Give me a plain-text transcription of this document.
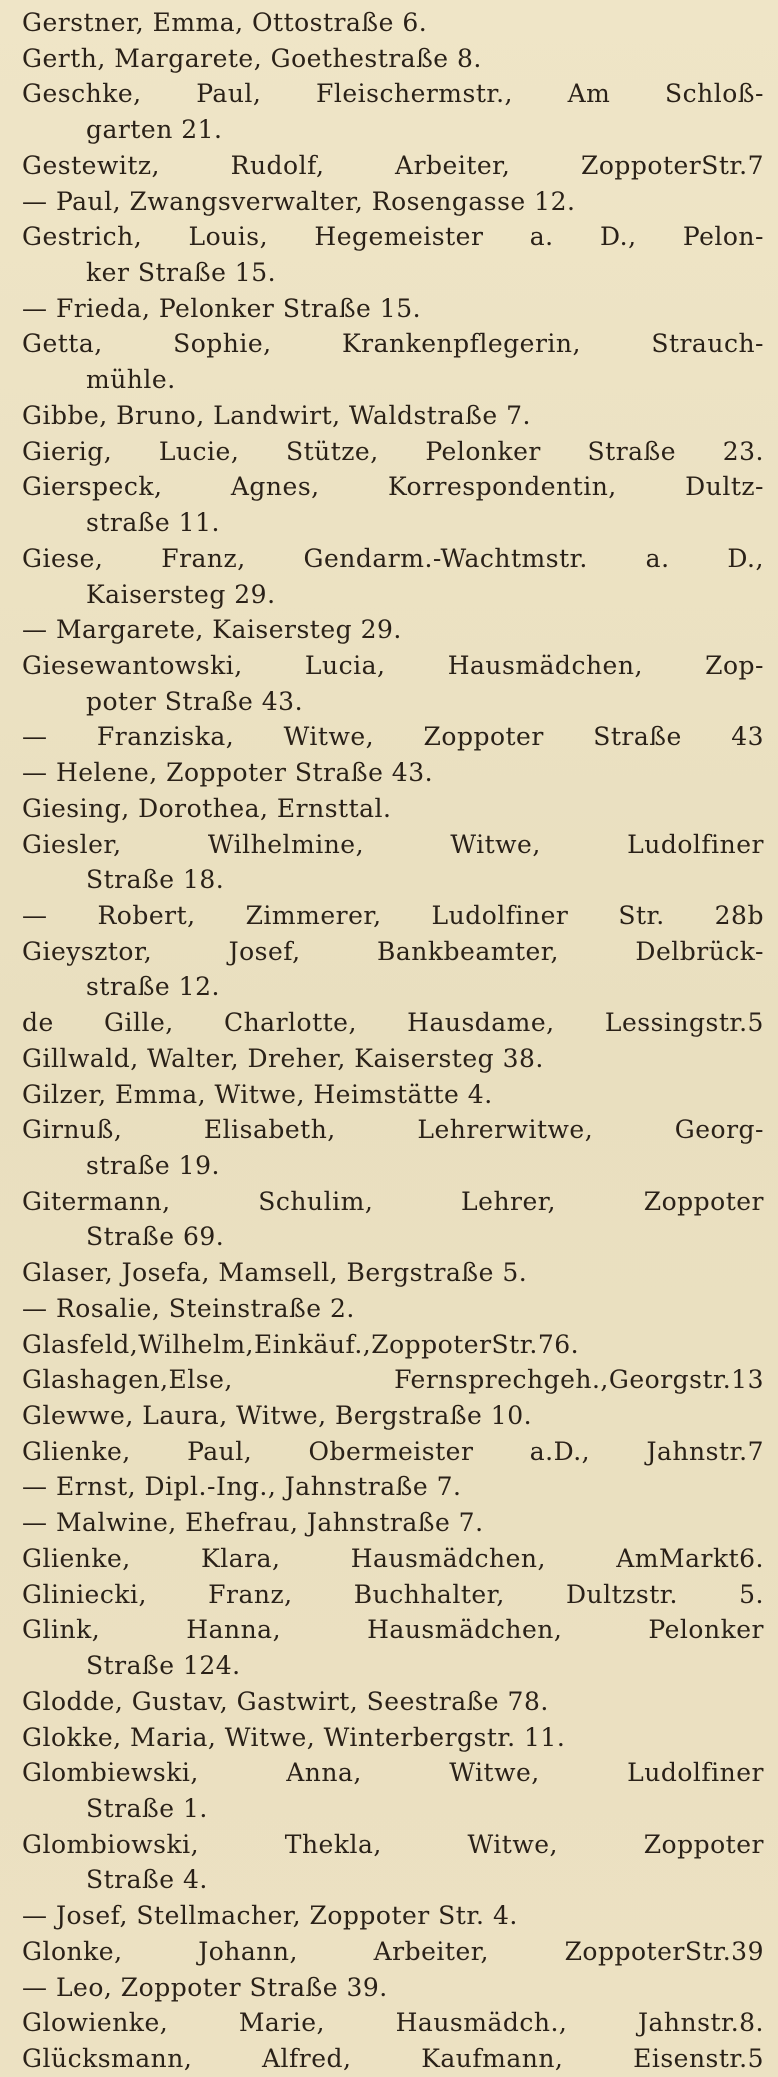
Gerstner, Emma, Ottostraße 6.
Gerth, Margarete, Goethestraße 8.
Geschke, Paul, Fleischermstr., Am Schloß-
garten 21.
Gestewitz,	Rudolf,	Arbeiter,	ZoppoterStr.7
— Paul, Zwangsverwalter, Rosengasse 12.
Gestrich, Louis, Hegemeister a. D., Pelon-
ker Straße 15.
— Frieda, Pelonker Straße 15.
Getta,	Sophie,	Krankenpflegerin,	Strauch-
mühle.
Gibbe, Bruno, Landwirt, Waldstraße 7.
Gierig, Lucie, Stütze, Pelonker Straße 23.
Gierspeck,	Agnes,	Korrespondentin,	Dultz-
straße 11.
Giese, Franz, Gendarm.-Wachtmstr. a. D.,
Kaisersteg 29.
— Margarete, Kaisersteg 29.
Giesewantowski, Lucia, Hausmädchen, Zop-
poter Straße 43.
— Franziska, Witwe, Zoppoter Straße 43
— Helene, Zoppoter Straße 43.
Giesing, Dorothea, Ernsttal.
Giesler,	Wilhelmine,	Witwe,	Ludolfiner
Straße 18.
— Robert, Zimmerer, Ludolfiner Str. 28b
Gieysztor,	Josef,	Bankbeamter,	Delbrück-
straße 12.
de Gille, Charlotte, Hausdame, Lessingstr.5
Gillwald, Walter, Dreher, Kaisersteg 38.
Gilzer, Emma, Witwe, Heimstätte 4.
Girnuß,	Elisabeth,	Lehrerwitwe,	Georg-
straße 19.
Gitermann,	Schulim,	Lehrer,	Zoppoter
Straße 69.
Glaser, Josefa, Mamsell, Bergstraße 5.
— Rosalie, Steinstraße 2.
Glasfeld,Wilhelm,Einkäuf.,ZoppoterStr.76.
Glashagen,Else,	Fernsprechgeh.,Georgstr.13
Glewwe, Laura, Witwe, Bergstraße 10.
Glienke, Paul, Obermeister a.D., Jahnstr.7
— Ernst, Dipl.-Ing., Jahnstraße 7.
— Malwine, Ehefrau, Jahnstraße 7.
Glienke,	Klara,	Hausmädchen,	AmMarkt6.
Gliniecki, Franz, Buchhalter, Dultzstr. 5.
Glink,	Hanna,	Hausmädchen,	Pelonker
Straße 124.
Glodde, Gustav, Gastwirt, Seestraße 78.
Glokke, Maria, Witwe, Winterbergstr. 11.
Glombiewski,	Anna,	Witwe,	Ludolfiner
Straße 1.
Glombiowski,	Thekla,	Witwe,	Zoppoter
Straße 4.
— Josef, Stellmacher, Zoppoter Str. 4.
Glonke,	Johann,	Arbeiter,	ZoppoterStr.39
— Leo, Zoppoter Straße 39.
Glowienke,	Marie,	Hausmädch.,	Jahnstr.8.
Glücksmann,	Alfred,	Kaufmann,	Eisenstr.5
